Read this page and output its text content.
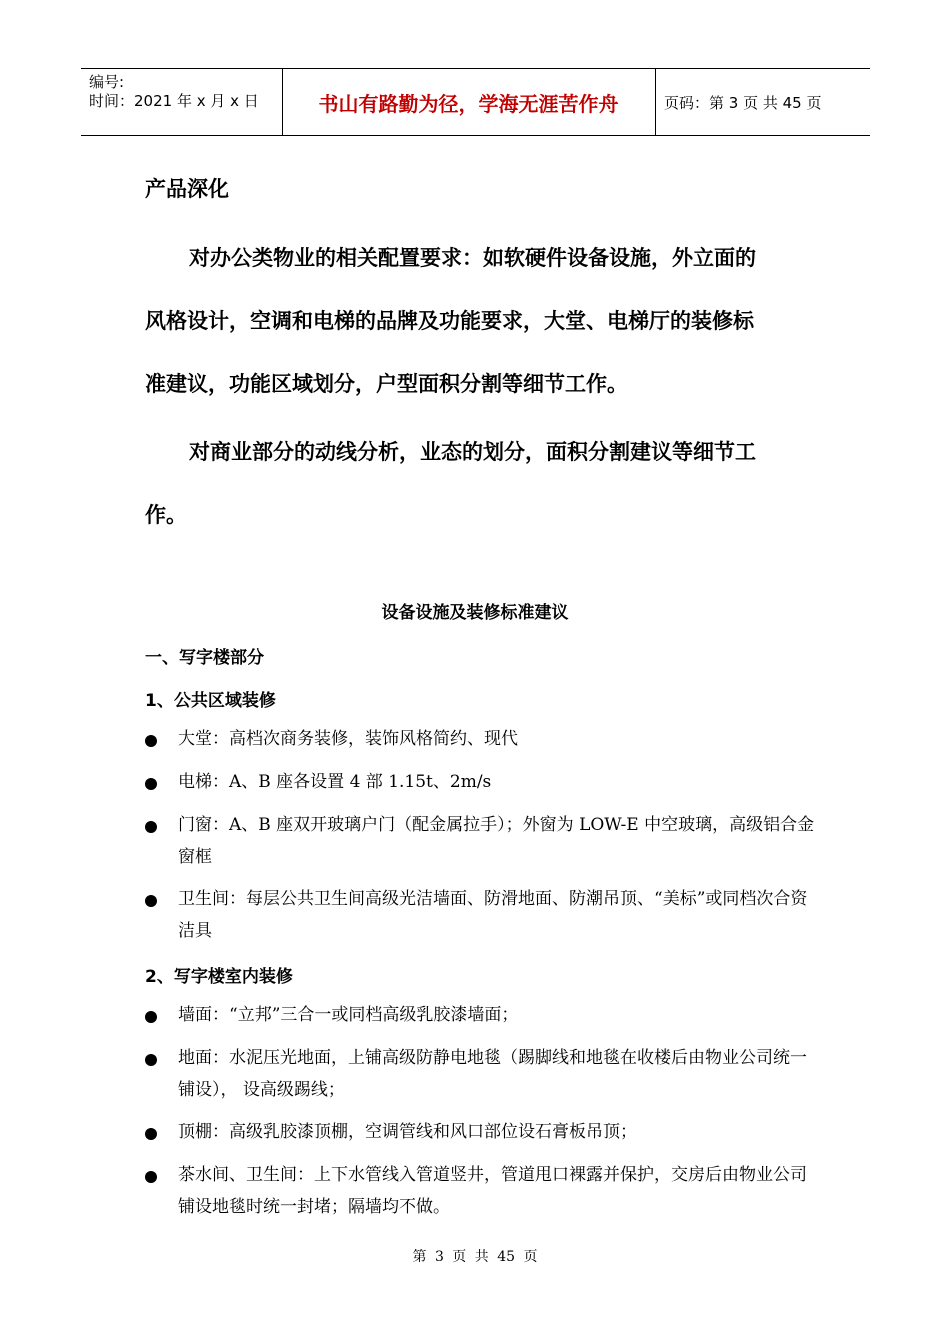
编号:
时间：2021 年 x 月 x 日	书山有路勤为径，学海无涯苦作舟	页码：第 3 页 共 45 页
产品深化
对办公类物业的相关配置要求：如软硬件设备设施，外立面的
风格设计，空调和电梯的品牌及功能要求，大堂、电梯厅的装修标
准建议，功能区域划分，户型面积分割等细节工作。
对商业部分的动线分析，业态的划分，面积分割建议等细节工
作。
设备设施及装修标准建议
一、写字楼部分
1、公共区域装修
大堂：高档次商务装修，装饰风格简约、现代
电梯：A、B 座各设置 4 部 1.15t、2m/s
门窗：A、B 座双开玻璃户门（配金属拉手）；外窗为 LOW-E 中空玻璃，高级铝合金窗框
卫生间：每层公共卫生间高级光洁墙面、防滑地面、防潮吊顶、“美标”或同档次合资洁具
2、写字楼室内装修
墙面：“立邦”三合一或同档高级乳胶漆墙面；
地面：水泥压光地面，上铺高级防静电地毯（踢脚线和地毯在收楼后由物业公司统一铺设）， 设高级踢线；
顶棚：高级乳胶漆顶棚，空调管线和风口部位设石膏板吊顶；
茶水间、卫生间：上下水管线入管道竖井，管道甩口裸露并保护，交房后由物业公司铺设地毯时统一封堵；隔墙均不做。
第 3 页 共 45 页
